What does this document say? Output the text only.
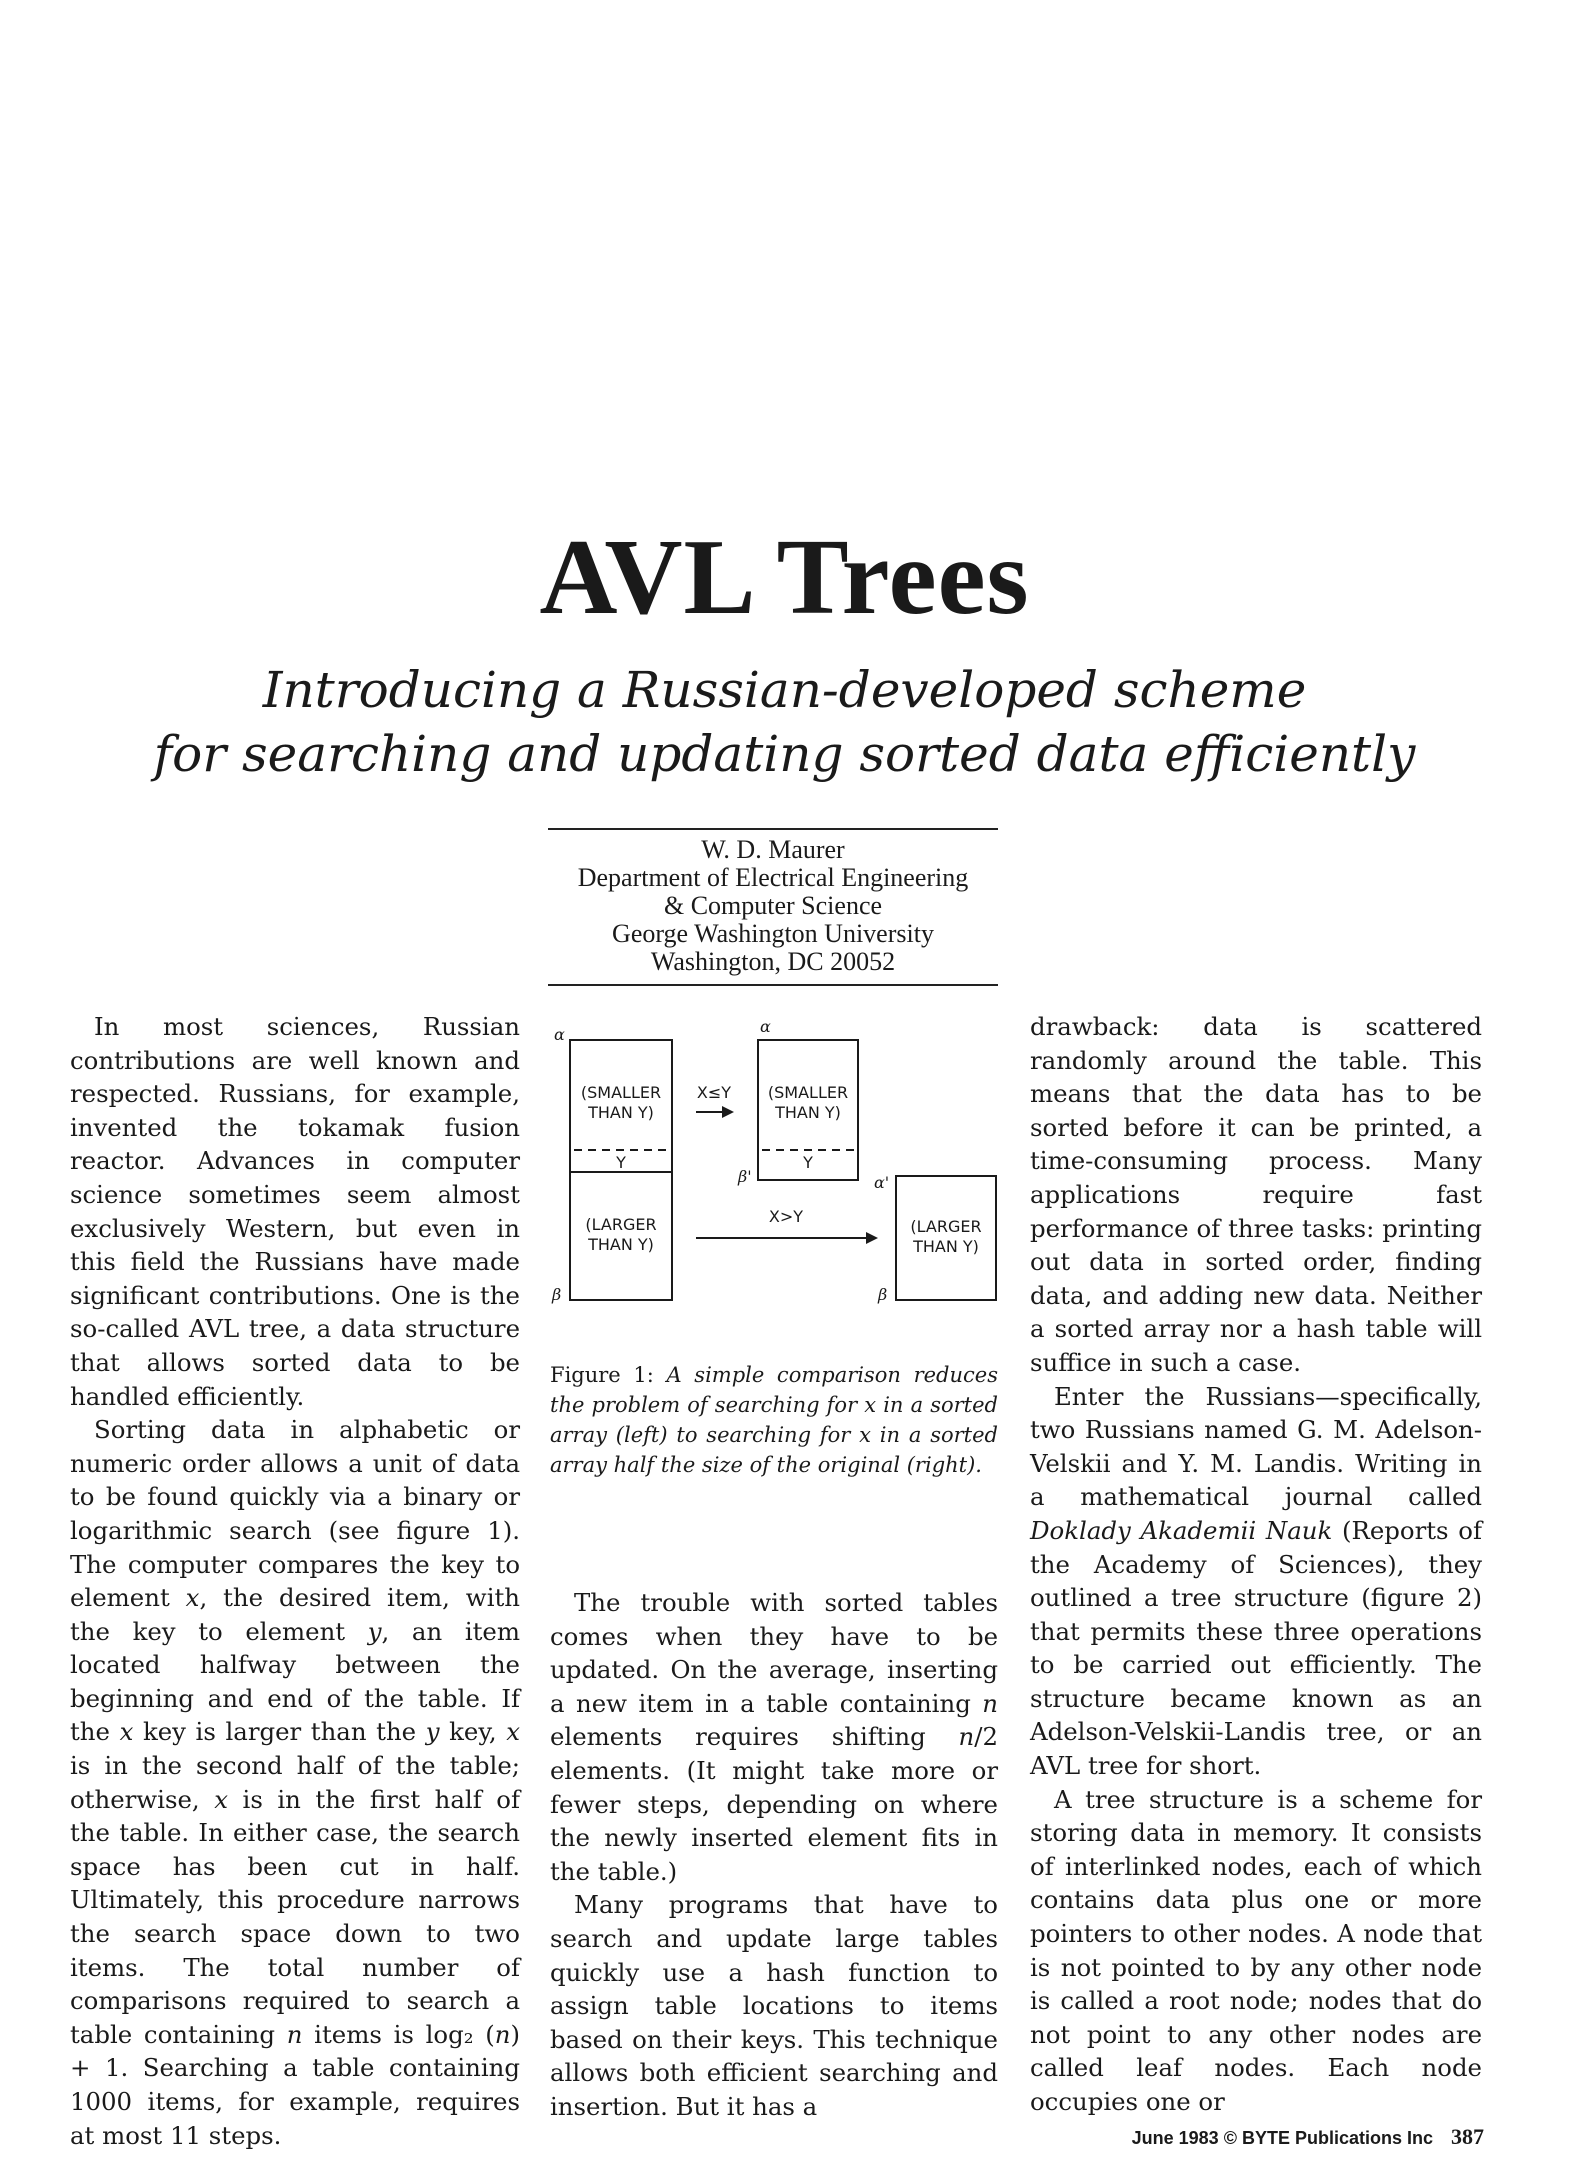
AVL Trees
Introducing a Russian-developed scheme
for searching and updating sorted data efficiently
W. D. Maurer
Department of Electrical Engineering
& Computer Science
George Washington University
Washington, DC 20052

In most sciences, Russian contributions are well known and respected. Russians, for example, invented the tokamak fusion reactor. Advances in computer science sometimes seem almost exclusively Western, but even in this field the Russians have made significant contributions. One is the so-called AVL tree, a data structure that allows sorted data to be handled efficiently.

Sorting data in alphabetic or numeric order allows a unit of data to be found quickly via a binary or logarithmic search (see figure 1). The computer compares the key to element x, the desired item, with the key to element y, an item located halfway between the beginning and end of the table. If the x key is larger than the y key, x is in the second half of the table; otherwise, x is in the first half of the table. In either case, the search space has been cut in half. Ultimately, this procedure narrows the search space down to two items. The total number of comparisons required to search a table containing n items is log₂ (n) + 1. Searching a table containing 1000 items, for example, requires at most 11 steps.

α
β
(SMALLER
THAN Y)
Y
(LARGER
THAN Y)
X≤Y
α
β'
(SMALLER
THAN Y)
Y
X>Y
α'
β
(LARGER
THAN Y)
Figure 1: A simple comparison reduces the problem of searching for x in a sorted array (left) to searching for x in a sorted array half the size of the original (right).

The trouble with sorted tables comes when they have to be updated. On the average, inserting a new item in a table containing n elements requires shifting n/2 elements. (It might take more or fewer steps, depending on where the newly inserted element fits in the table.)

Many programs that have to search and update large tables quickly use a hash function to assign table locations to items based on their keys. This technique allows both efficient searching and insertion. But it has a

drawback: data is scattered randomly around the table. This means that the data has to be sorted before it can be printed, a time-consuming process. Many applications require fast performance of three tasks: printing out data in sorted order, finding data, and adding new data. Neither a sorted array nor a hash table will suffice in such a case.

Enter the Russians—specifically, two Russians named G. M. Adelson-Velskii and Y. M. Landis. Writing in a mathematical journal called Doklady Akademii Nauk (Reports of the Academy of Sciences), they outlined a tree structure (figure 2) that permits these three operations to be carried out efficiently. The structure became known as an Adelson-Velskii-Landis tree, or an AVL tree for short.

A tree structure is a scheme for storing data in memory. It consists of interlinked nodes, each of which contains data plus one or more pointers to other nodes. A node that is not pointed to by any other node is called a root node; nodes that do not point to any other nodes are called leaf nodes. Each node occupies one or

June 1983 © BYTE Publications Inc 387
